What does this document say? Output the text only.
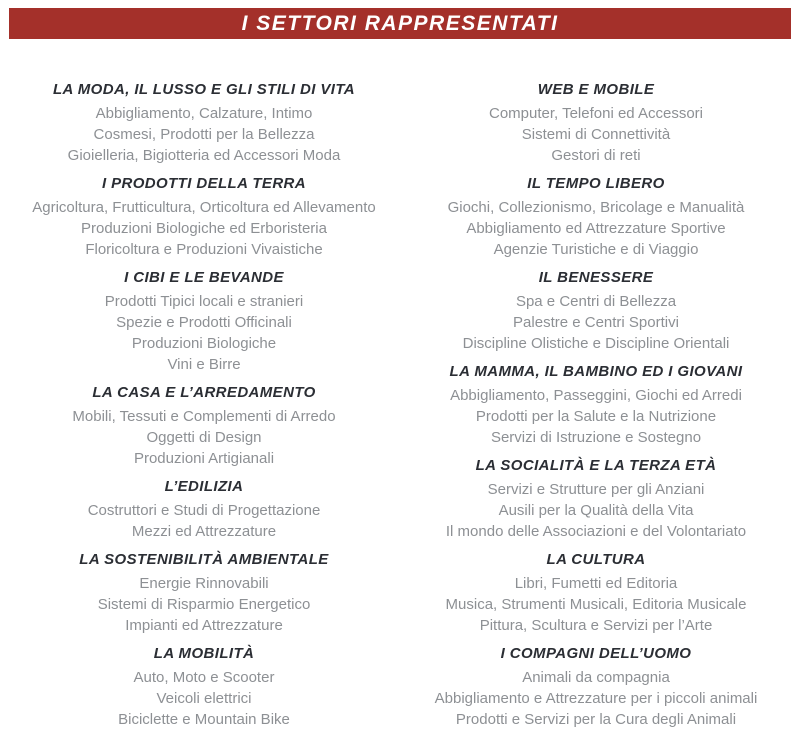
I SETTORI RAPPRESENTATI
LA MODA, IL LUSSO E GLI STILI DI VITA

Abbigliamento, Calzature, Intimo

Cosmesi, Prodotti per la Bellezza

Gioielleria, Bigiotteria ed Accessori Moda

I PRODOTTI DELLA TERRA

Agricoltura, Frutticultura, Orticoltura ed Allevamento

Produzioni Biologiche ed Erboristeria

Floricoltura e Produzioni Vivaistiche

I CIBI E LE BEVANDE

Prodotti Tipici locali e stranieri

Spezie e Prodotti Officinali

Produzioni Biologiche

Vini e Birre

LA CASA E L’ARREDAMENTO

Mobili, Tessuti e Complementi di Arredo

Oggetti di Design

Produzioni Artigianali

L’EDILIZIA

Costruttori e Studi di Progettazione

Mezzi ed Attrezzature

LA SOSTENIBILITÀ AMBIENTALE

Energie Rinnovabili

Sistemi di Risparmio Energetico

Impianti ed Attrezzature

LA MOBILITÀ

Auto, Moto e Scooter

Veicoli elettrici

Biciclette e Mountain Bike

WEB E MOBILE

Computer, Telefoni ed Accessori

Sistemi di Connettività

Gestori di reti

IL TEMPO LIBERO

Giochi, Collezionismo, Bricolage e Manualità

Abbigliamento ed Attrezzature Sportive

Agenzie Turistiche e di Viaggio

IL BENESSERE

Spa e Centri di Bellezza

Palestre e Centri Sportivi

Discipline Olistiche e Discipline Orientali

LA MAMMA, IL BAMBINO ED I GIOVANI

Abbigliamento, Passeggini, Giochi ed Arredi

Prodotti per la Salute e la Nutrizione

Servizi di Istruzione e Sostegno

LA SOCIALITÀ E LA TERZA ETÀ

Servizi e Strutture per gli Anziani

Ausili per la Qualità della Vita

Il mondo delle Associazioni e del Volontariato

LA CULTURA

Libri, Fumetti ed Editoria

Musica, Strumenti Musicali, Editoria Musicale

Pittura, Scultura e Servizi per l’Arte

I COMPAGNI DELL’UOMO

Animali da compagnia

Abbigliamento e Attrezzature per i piccoli animali

Prodotti e Servizi per la Cura degli Animali
